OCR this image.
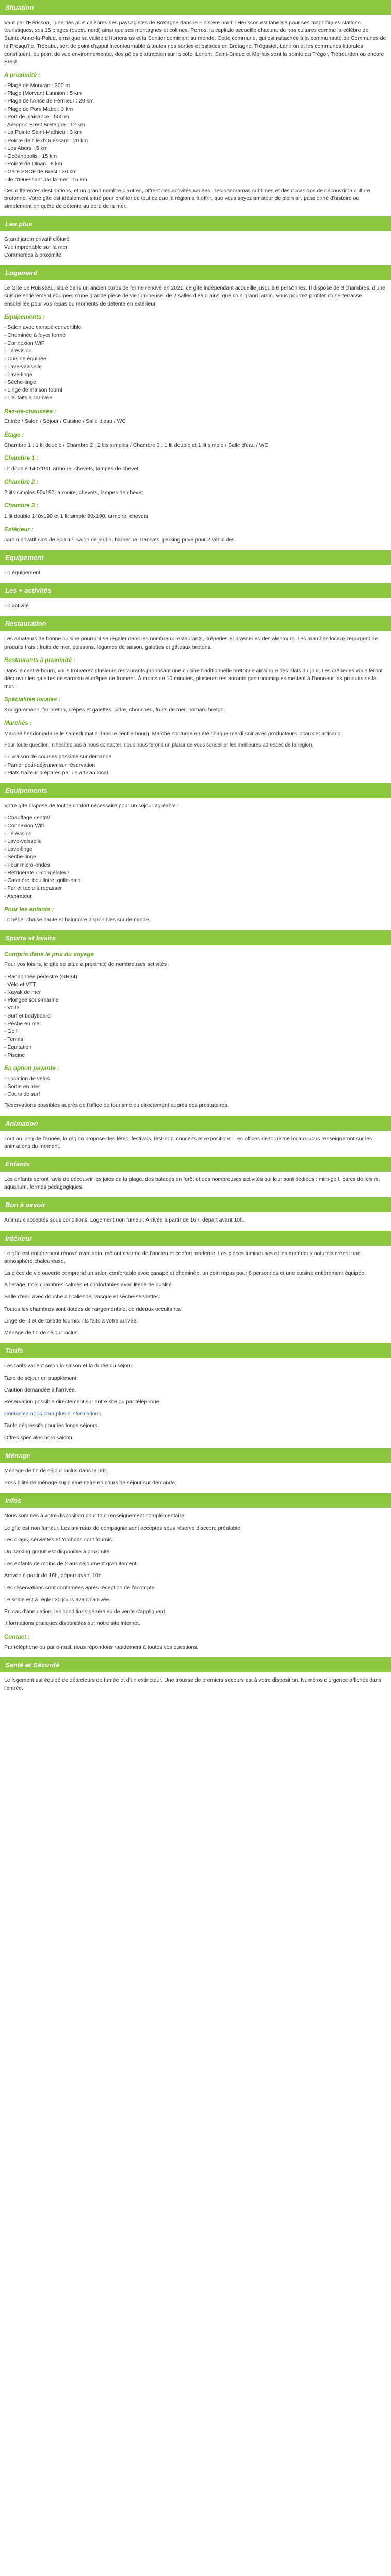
Situation

Vaut par l'Hérisson, l'une des plus célèbres des paysagistes de Bretagne dans le Finistère nord. l'Hérisson est labelisé pour ses magnifiques stations touristiques, ses 15 plages (ouest, nord) ainsi que ses montagnes et collines. Perros, la capitale accueille chacune de nos cultures comme la célèbre de Sainte-Anne-la-Palud, ainsi que sa vallée d'Hortensias et la Sentier dominant au monde. Cette commune, qui est rattachée à la communauté de Communes de la Presqu'île, Trébabu, sert de point d'appui incontournable à toutes nos sorties et balades en Bretagne. Trégastel, Lannion et les communes littorales constituent, du point de vue environnemental, des pôles d'attraction sur la côte. Lorient, Saint-Brieuc et Morlaix sont la pointe du Trégor, Trébeurden ou encore Brest.

A proximité :
- Plage de Morvran : 300 m
- Plage (Morvan) Lannion : 5 km
- Plage de l'Anse de Fermeur : 20 km
- Plage de Pors Mabo : 3 km
- Port de plaisance : 500 m
- Aéroport Brest Bretagne : 12 km
- La Pointe Saint-Mathieu : 3 km
- Pointe de l'Île d'Ouessant : 20 km
- Les Abers : 5 km
- Océanopolis : 15 km
- Pointe de Dinan : 8 km
- Gare SNCF de Brest : 30 km
- Ile d'Ouessant par la mer : 15 km

Ces différentes destinations, et un grand nombre d'autres, offrent des activités variées, des panoramas sublimes et des occasions de découvrir la culture bretonne. Votre gîte est idéalement situé pour profiter de tout ce que la région a à offrir, que vous soyez amateur de plein air, passionné d'histoire ou simplement en quête de détente au bord de la mer.

Les plus
Grand jardin privatif clôturé
Vue imprenable sur la mer
Commerces à proximité
Logement

Le Gîte Le Ruisseau, situé dans un ancien corps de ferme rénové en 2021, ce gîte indépendant accueille jusqu'à 6 personnes. Il dispose de 3 chambres, d'une cuisine entièrement équipée, d'une grande pièce de vie lumineuse, de 2 salles d'eau, ainsi que d'un grand jardin. Vous pourrez profiter d'une terrasse ensoleillée pour vos repas ou moments de détente en extérieur.

Equipements :
- Salon avec canapé convertible
- Cheminée à foyer fermé
- Connexion WiFi
- Télévision
- Cuisine équipée
- Lave-vaisselle
- Lave-linge
- Sèche-linge
- Linge de maison fourni
- Lits faits à l'arrivée
Rez-de-chaussée :

Entrée / Salon / Séjour / Cuisine / Salle d'eau / WC

Étage :

Chambre 1 : 1 lit double / Chambre 2 : 2 lits simples / Chambre 3 : 1 lit double et 1 lit simple / Salle d'eau / WC

Chambre 1 :

Lit double 140x190, armoire, chevets, lampes de chevet

Chambre 2 :

2 lits simples 90x190, armoire, chevets, lampes de chevet

Chambre 3 :

1 lit double 140x190 et 1 lit simple 90x190, armoire, chevets

Extérieur :

Jardin privatif clos de 500 m², salon de jardin, barbecue, transats, parking privé pour 2 véhicules

Equipement

- 0 équipement

Les + activités

- 0 activité

Restauration

Les amateurs de bonne cuisine pourront se régaler dans les nombreux restaurants, crêperies et brasseries des alentours. Les marchés locaux regorgent de produits frais : fruits de mer, poissons, légumes de saison, galettes et gâteaux bretons.

Restaurants à proximité :

Dans le centre-bourg, vous trouverez plusieurs restaurants proposant une cuisine traditionnelle bretonne ainsi que des plats du jour. Les crêperies vous feront découvrir les galettes de sarrasin et crêpes de froment. À moins de 10 minutes, plusieurs restaurants gastronomiques mettent à l'honneur les produits de la mer.

Spécialités locales :

Kouign-amann, far breton, crêpes et galettes, cidre, chouchen, fruits de mer, homard breton.

Marchés :

Marché hebdomadaire le samedi matin dans le centre-bourg. Marché nocturne en été chaque mardi soir avec producteurs locaux et artisans.

Pour toute question, n'hésitez pas à nous contacter, nous nous ferons un plaisir de vous conseiller les meilleures adresses de la région.

- Livraison de courses possible sur demande
- Panier petit-déjeuner sur réservation
- Plats traiteur préparés par un artisan local
Equipements

Votre gîte dispose de tout le confort nécessaire pour un séjour agréable :

- Chauffage central
- Connexion Wifi
- Télévision
- Lave-vaisselle
- Lave-linge
- Sèche-linge
- Four micro-ondes
- Réfrigérateur-congélateur
- Cafetière, bouilloire, grille-pain
- Fer et table à repasser
- Aspirateur
Pour les enfants :

Lit bébé, chaise haute et baignoire disponibles sur demande.

Sports et loisirs
Compris dans le prix du voyage

Pour vos loisirs, le gîte se situe à proximité de nombreuses activités :

- Randonnée pédestre (GR34)
- Vélo et VTT
- Kayak de mer
- Plongée sous-marine
- Voile
- Surf et bodyboard
- Pêche en mer
- Golf
- Tennis
- Équitation
- Piscine
En option payante :
- Location de vélos
- Sortie en mer
- Cours de surf

Réservations possibles auprès de l'office de tourisme ou directement auprès des prestataires.

Animation

Tout au long de l'année, la région propose des fêtes, festivals, fest-noz, concerts et expositions. Les offices de tourisme locaux vous renseigneront sur les animations du moment.

Enfants

Les enfants seront ravis de découvrir les joies de la plage, des balades en forêt et des nombreuses activités qui leur sont dédiées : mini-golf, parcs de loisirs, aquarium, fermes pédagogiques.

Bon à savoir

Animaux acceptés sous conditions. Logement non fumeur. Arrivée à partir de 16h, départ avant 10h.

Intérieur

Le gîte est entièrement rénové avec soin, mêlant charme de l'ancien et confort moderne. Les pièces lumineuses et les matériaux naturels créent une atmosphère chaleureuse.

La pièce de vie ouverte comprend un salon confortable avec canapé et cheminée, un coin repas pour 6 personnes et une cuisine entièrement équipée.

À l'étage, trois chambres calmes et confortables avec literie de qualité.

Salle d'eau avec douche à l'italienne, vasque et sèche-serviettes.

Toutes les chambres sont dotées de rangements et de rideaux occultants.

Linge de lit et de toilette fournis, lits faits à votre arrivée.

Ménage de fin de séjour inclus.

Tarifs

Les tarifs varient selon la saison et la durée du séjour.

Taxe de séjour en supplément.

Caution demandée à l'arrivée.

Réservation possible directement sur notre site ou par téléphone.

Contactez-nous pour plus d'informations

Tarifs dégressifs pour les longs séjours.

Offres spéciales hors saison.

Ménage

Ménage de fin de séjour inclus dans le prix.

Possibilité de ménage supplémentaire en cours de séjour sur demande.

Infos

Nous sommes à votre disposition pour tout renseignement complémentaire.

Le gîte est non fumeur. Les animaux de compagnie sont acceptés sous réserve d'accord préalable.

Les draps, serviettes et torchons sont fournis.

Un parking gratuit est disponible à proximité.

Les enfants de moins de 2 ans séjournent gratuitement.

Arrivée à partir de 16h, départ avant 10h.

Les réservations sont confirmées après réception de l'acompte.

Le solde est à régler 30 jours avant l'arrivée.

En cas d'annulation, les conditions générales de vente s'appliquent.

Informations pratiques disponibles sur notre site internet.

Contact :

Par téléphone ou par e-mail, nous répondons rapidement à toutes vos questions.

Santé et Sécurité

Le logement est équipé de détecteurs de fumée et d'un extincteur. Une trousse de premiers secours est à votre disposition. Numéros d'urgence affichés dans l'entrée.
